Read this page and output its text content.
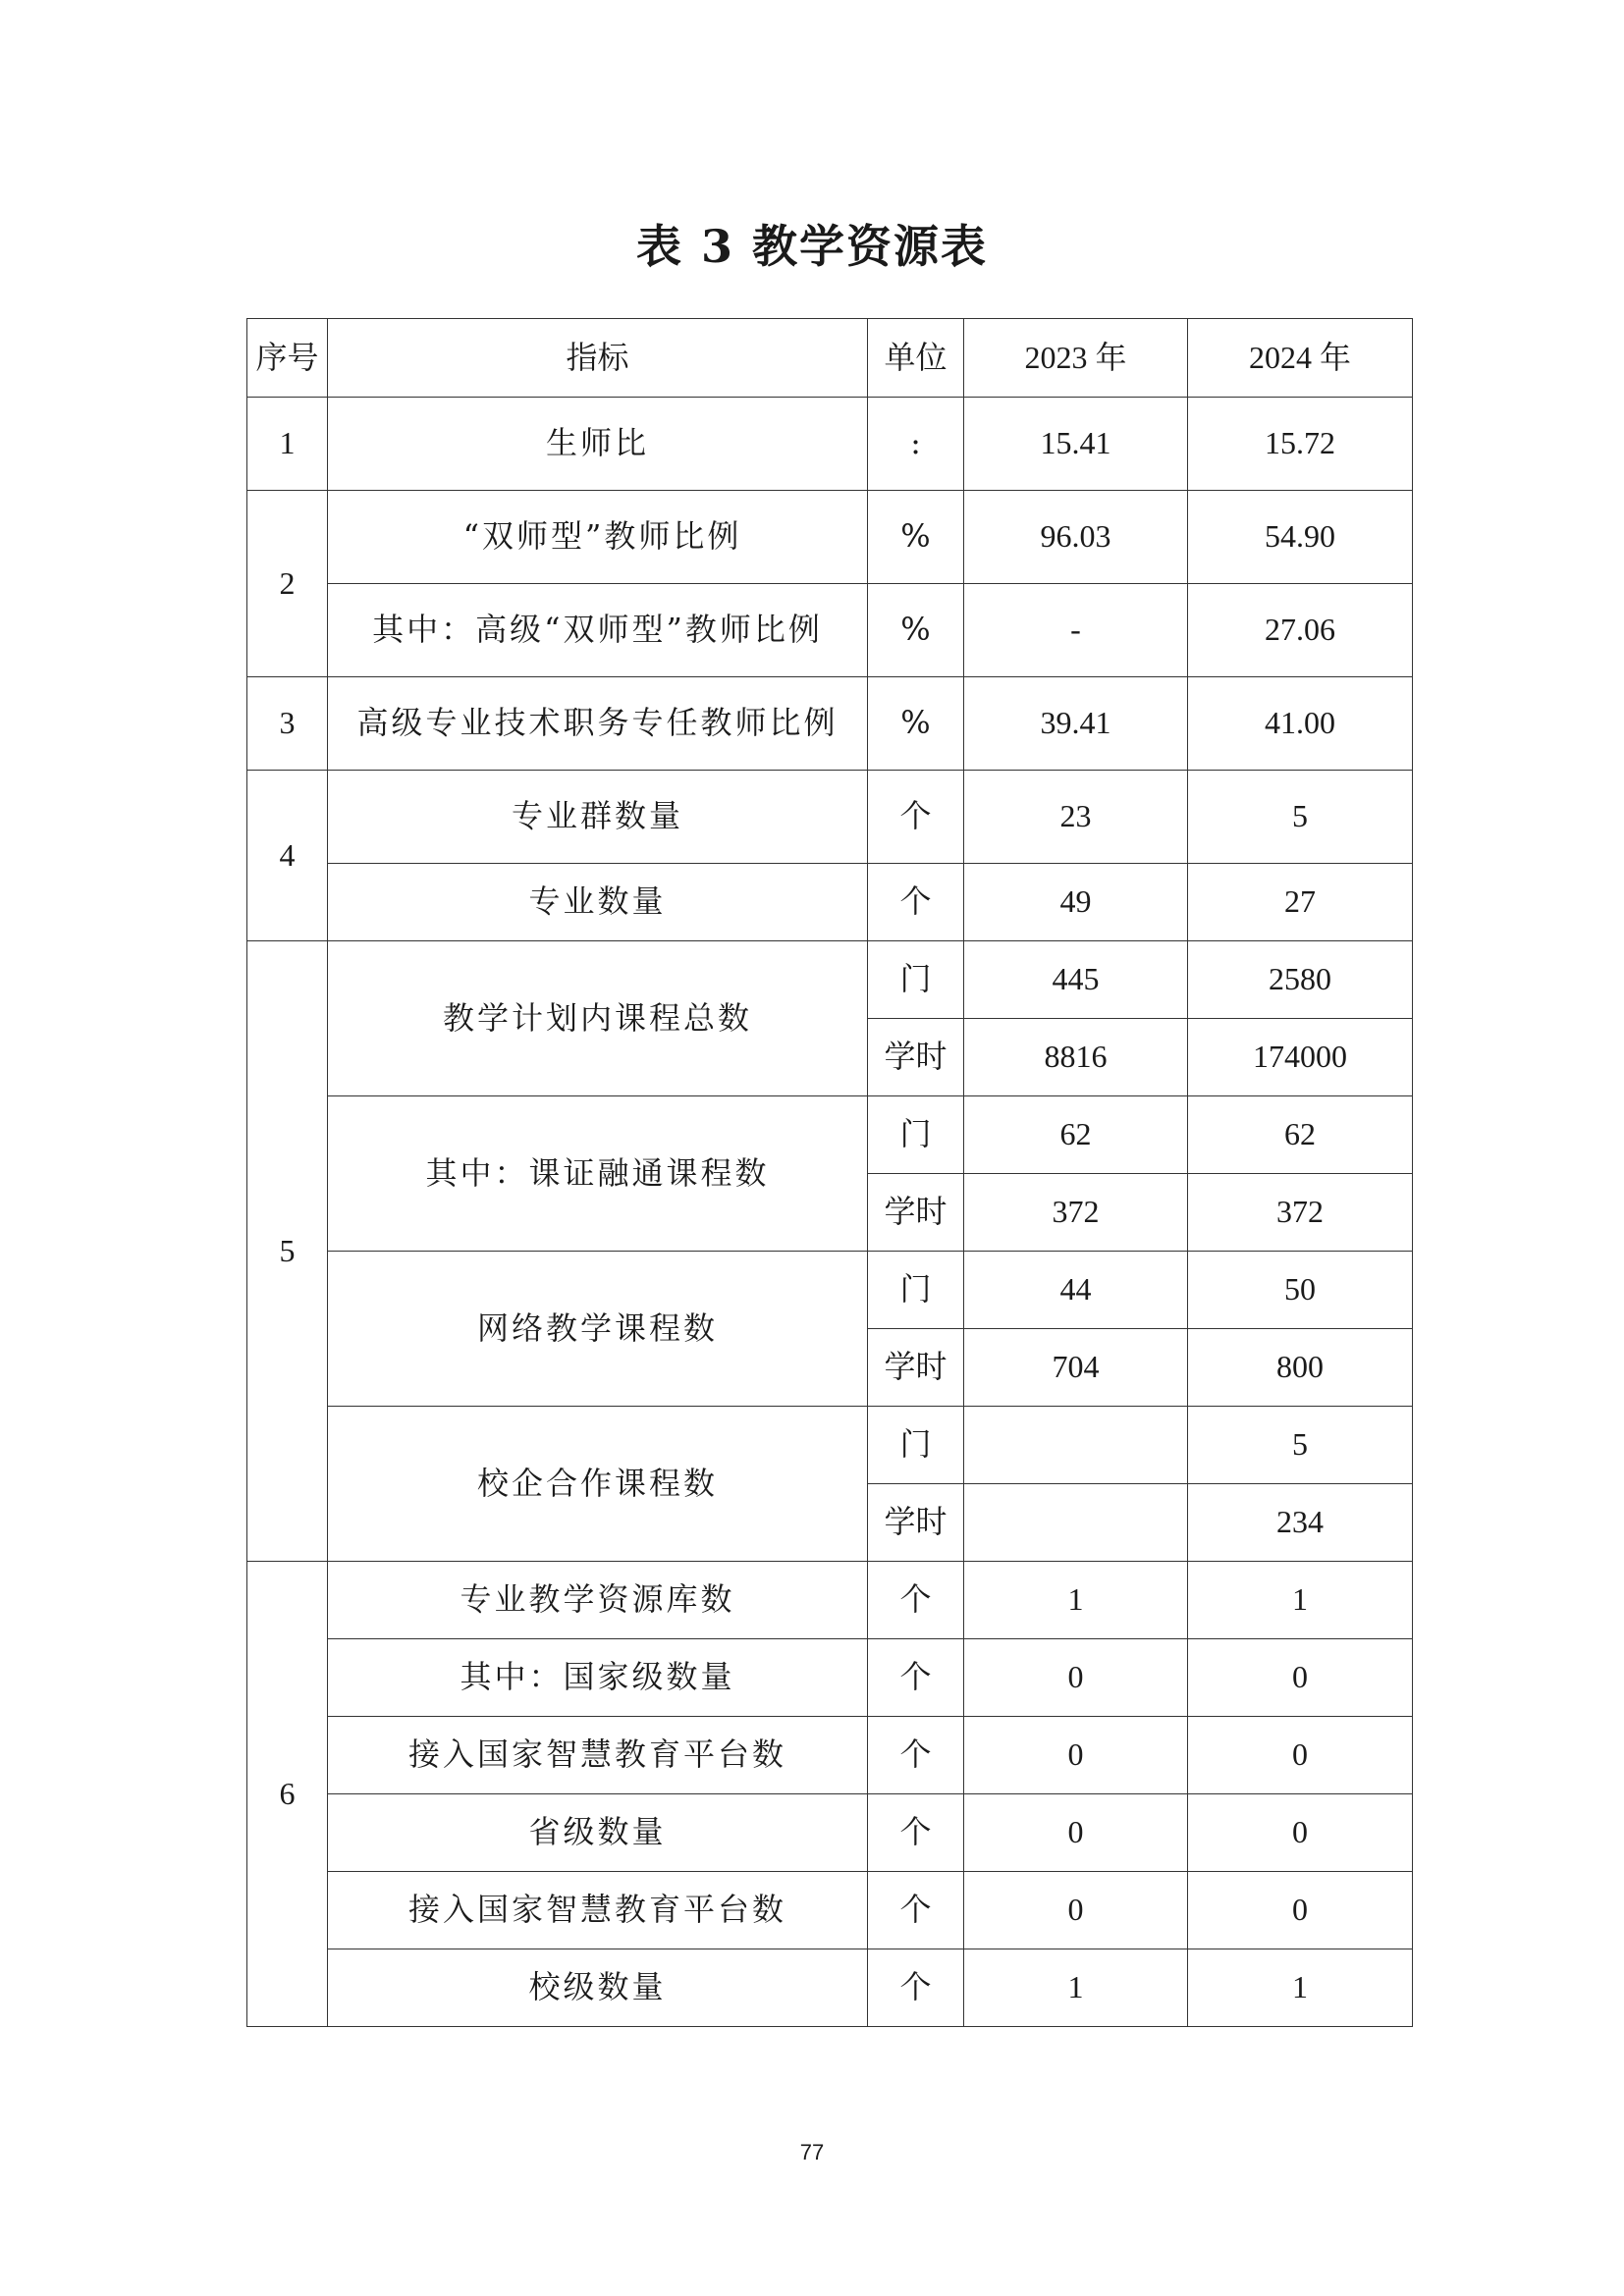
表 3 教学资源表
序号	指标	单位	2023 年	2024 年
1	生师比	:	15.41	15.72
2	“双师型”教师比例	%	96.03	54.90
	其中：高级“双师型”教师比例	%	-	27.06
3	高级专业技术职务专任教师比例	%	39.41	41.00
4	专业群数量	个	23	5
	专业数量	个	49	27
5	教学计划内课程总数	门	445	2580
		学时	8816	174000
	其中：课证融通课程数	门	62	62
		学时	372	372
	网络教学课程数	门	44	50
		学时	704	800
	校企合作课程数	门		5
		学时		234
6	专业教学资源库数	个	1	1
	其中：国家级数量	个	0	0
	接入国家智慧教育平台数	个	0	0
	省级数量	个	0	0
	接入国家智慧教育平台数	个	0	0
	校级数量	个	1	1
77
